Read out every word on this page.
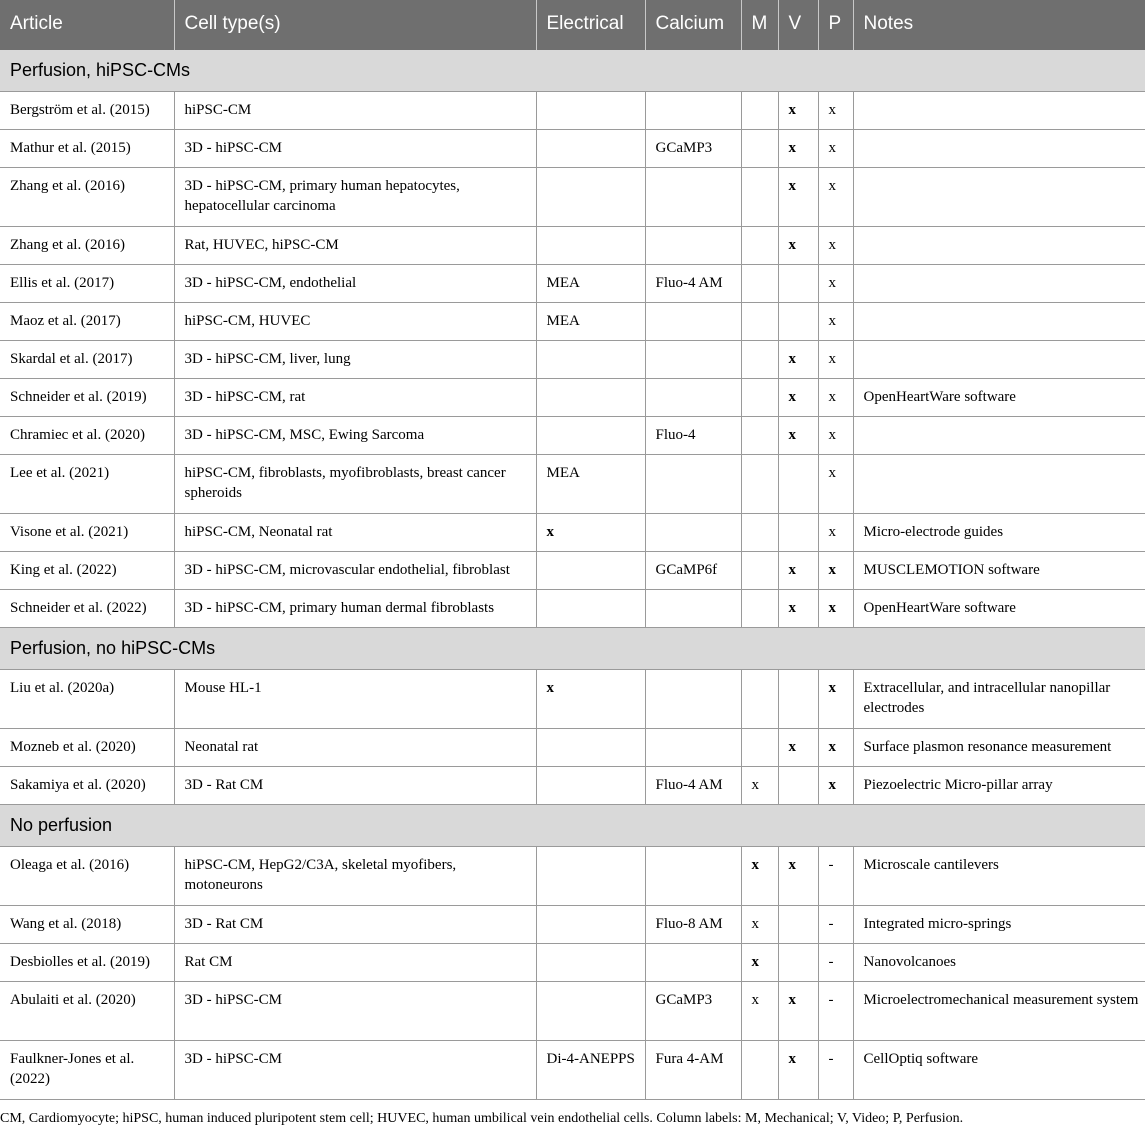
Article	Cell type(s)	Electrical	Calcium	M	V	P	Notes
Perfusion, hiPSC-CMs							
Bergström et al. (2015)	hiPSC-CM				x	x	
Mathur et al. (2015)	3D - hiPSC-CM		GCaMP3		x	x	
Zhang et al. (2016)	3D - hiPSC-CM, primary human hepatocytes, hepatocellular carcinoma				x	x	
Zhang et al. (2016)	Rat, HUVEC, hiPSC-CM				x	x	
Ellis et al. (2017)	3D - hiPSC-CM, endothelial	MEA	Fluo-4 AM			x	
Maoz et al. (2017)	hiPSC-CM, HUVEC	MEA				x	
Skardal et al. (2017)	3D - hiPSC-CM, liver, lung				x	x	
Schneider et al. (2019)	3D - hiPSC-CM, rat				x	x	OpenHeartWare software
Chramiec et al. (2020)	3D - hiPSC-CM, MSC, Ewing Sarcoma		Fluo-4		x	x	
Lee et al. (2021)	hiPSC-CM, fibroblasts, myofibroblasts, breast cancer spheroids	MEA				x	
Visone et al. (2021)	hiPSC-CM, Neonatal rat	x				x	Micro-electrode guides
King et al. (2022)	3D - hiPSC-CM, microvascular endothelial, fibroblast		GCaMP6f		x	x	MUSCLEMOTION software
Schneider et al. (2022)	3D - hiPSC-CM, primary human dermal fibroblasts				x	x	OpenHeartWare software
Perfusion, no hiPSC-CMs							
Liu et al. (2020a)	Mouse HL-1	x				x	Extracellular, and intracellular nanopillar electrodes
Mozneb et al. (2020)	Neonatal rat				x	x	Surface plasmon resonance measurement
Sakamiya et al. (2020)	3D - Rat CM		Fluo-4 AM	x		x	Piezoelectric Micro-pillar array
No perfusion							
Oleaga et al. (2016)	hiPSC-CM, HepG2/C3A, skeletal myofibers, motoneurons			x	x	-	Microscale cantilevers
Wang et al. (2018)	3D - Rat CM		Fluo-8 AM	x		-	Integrated micro-springs
Desbiolles et al. (2019)	Rat CM			x		-	Nanovolcanoes
Abulaiti et al. (2020)	3D - hiPSC-CM		GCaMP3	x	x	-	Microelectromechanical measurement system
Faulkner-Jones et al. (2022)	3D - hiPSC-CM	Di-4-ANEPPS	Fura 4-AM		x	-	CellOptiq software
CM, Cardiomyocyte; hiPSC, human induced pluripotent stem cell; HUVEC, human umbilical vein endothelial cells. Column labels: M, Mechanical; V, Video; P, Perfusion.
